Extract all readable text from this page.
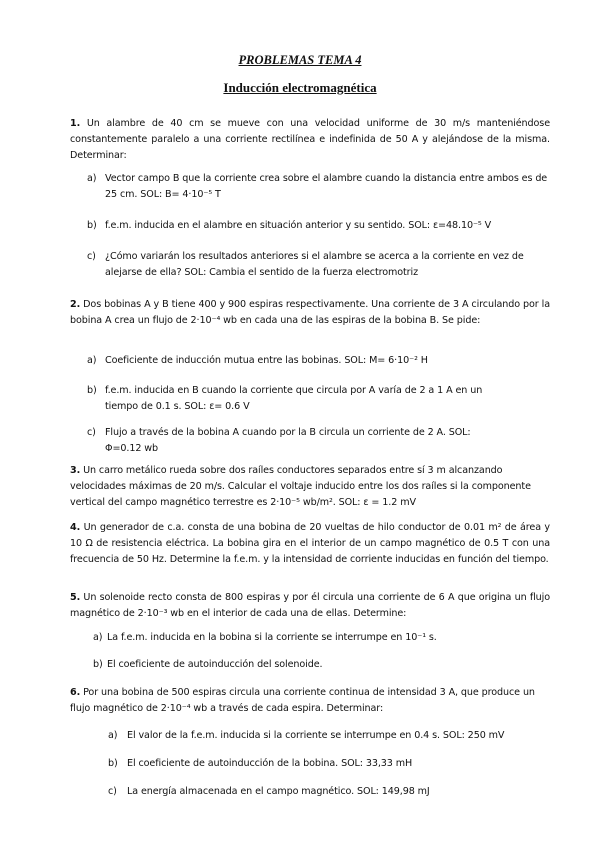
PROBLEMAS TEMA 4
Inducción electromagnética
1. Un alambre de 40 cm se mueve con una velocidad uniforme de 30 m/s manteniéndose constantemente paralelo a una corriente rectilínea e indefinida de 50 A y alejándose de la misma. Determinar:
a) Vector campo B que la corriente crea sobre el alambre cuando la distancia entre ambos es de 25 cm. SOL: B= 4·10⁻⁵ T
b) f.e.m. inducida en el alambre en situación anterior y su sentido. SOL: ε=48.10⁻⁵ V
c) ¿Cómo variarán los resultados anteriores si el alambre se acerca a la corriente en vez de alejarse de ella? SOL: Cambia el sentido de la fuerza electromotriz
2. Dos bobinas A y B tiene 400 y 900 espiras respectivamente. Una corriente de 3 A circulando por la bobina A crea un flujo de 2·10⁻⁴ wb en cada una de las espiras de la bobina B. Se pide:
a) Coeficiente de inducción mutua entre las bobinas. SOL: M= 6·10⁻² H
b) f.e.m. inducida en B cuando la corriente que circula por A varía de 2 a 1 A en un tiempo de 0.1 s. SOL: ε= 0.6 V
c) Flujo a través de la bobina A cuando por la B circula un corriente de 2 A. SOL: Φ=0.12 wb
3. Un carro metálico rueda sobre dos raíles conductores separados entre sí 3 m alcanzando velocidades máximas de 20 m/s. Calcular el voltaje inducido entre los dos raíles si la componente vertical del campo magnético terrestre es 2·10⁻⁵ wb/m². SOL: ε = 1.2 mV
4. Un generador de c.a. consta de una bobina de 20 vueltas de hilo conductor de 0.01 m² de área y 10 Ω de resistencia eléctrica. La bobina gira en el interior de un campo magnético de 0.5 T con una frecuencia de 50 Hz. Determine la f.e.m. y la intensidad de corriente inducidas en función del tiempo.
5. Un solenoide recto consta de 800 espiras y por él circula una corriente de 6 A que origina un flujo magnético de 2·10⁻³ wb en el interior de cada una de ellas. Determine:
a) La f.e.m. inducida en la bobina si la corriente se interrumpe en 10⁻¹ s.
b) El coeficiente de autoinducción del solenoide.
6. Por una bobina de 500 espiras circula una corriente continua de intensidad 3 A, que produce un flujo magnético de 2·10⁻⁴ wb a través de cada espira. Determinar:
a) El valor de la f.e.m. inducida si la corriente se interrumpe en 0.4 s. SOL: 250 mV
b) El coeficiente de autoinducción de la bobina. SOL: 33,33 mH
c) La energía almacenada en el campo magnético. SOL: 149,98 mJ
